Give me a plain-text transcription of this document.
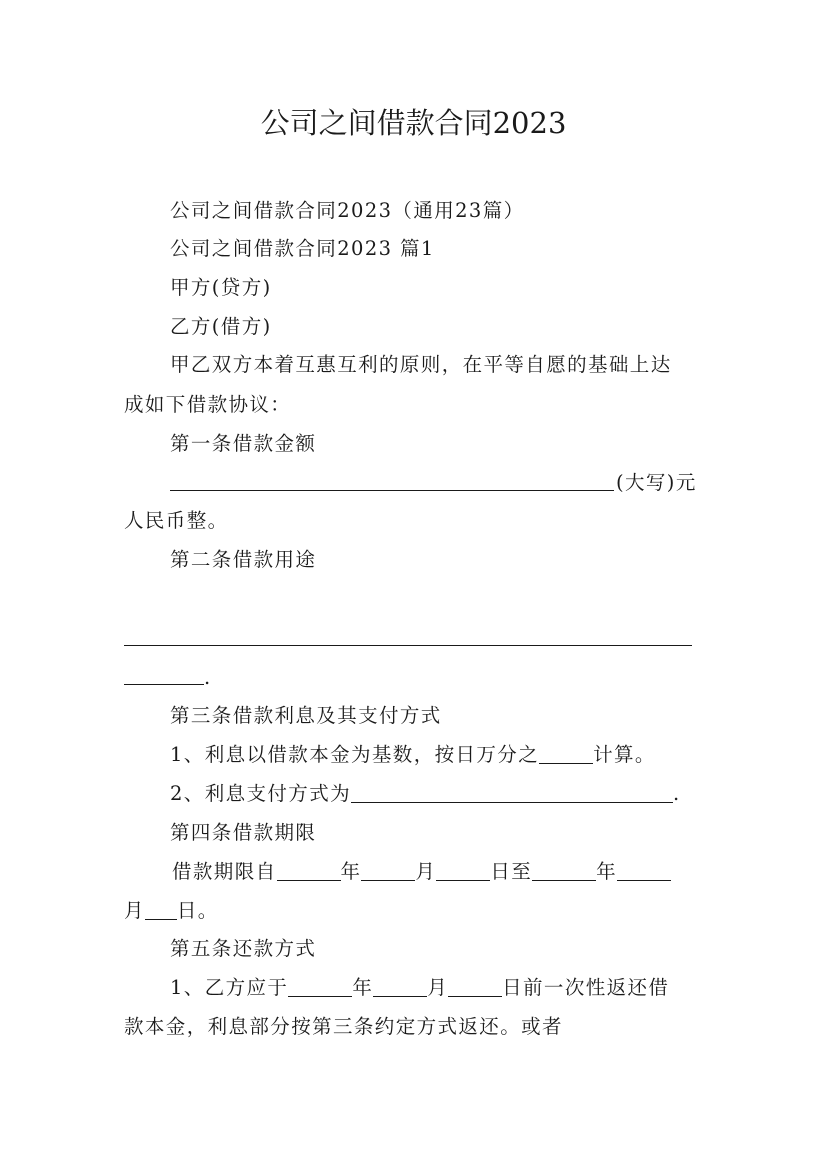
公司之间借款合同2023
公司之间借款合同2023（通用23篇）
公司之间借款合同2023 篇1
甲方(贷方)
乙方(借方)
甲乙双方本着互惠互利的原则，在平等自愿的基础上达
成如下借款协议：
第一条借款金额
(大写)元
人民币整。
第二条借款用途
.
第三条借款利息及其支付方式
1、利息以借款本金为基数，按日万分之	计算。
2、利息支付方式为	.
第四条借款期限
借款期限自	年	月	日至	年
月 日。
第五条还款方式
1、乙方应于	年	月	日前一次性返还借
款本金，利息部分按第三条约定方式返还。或者
